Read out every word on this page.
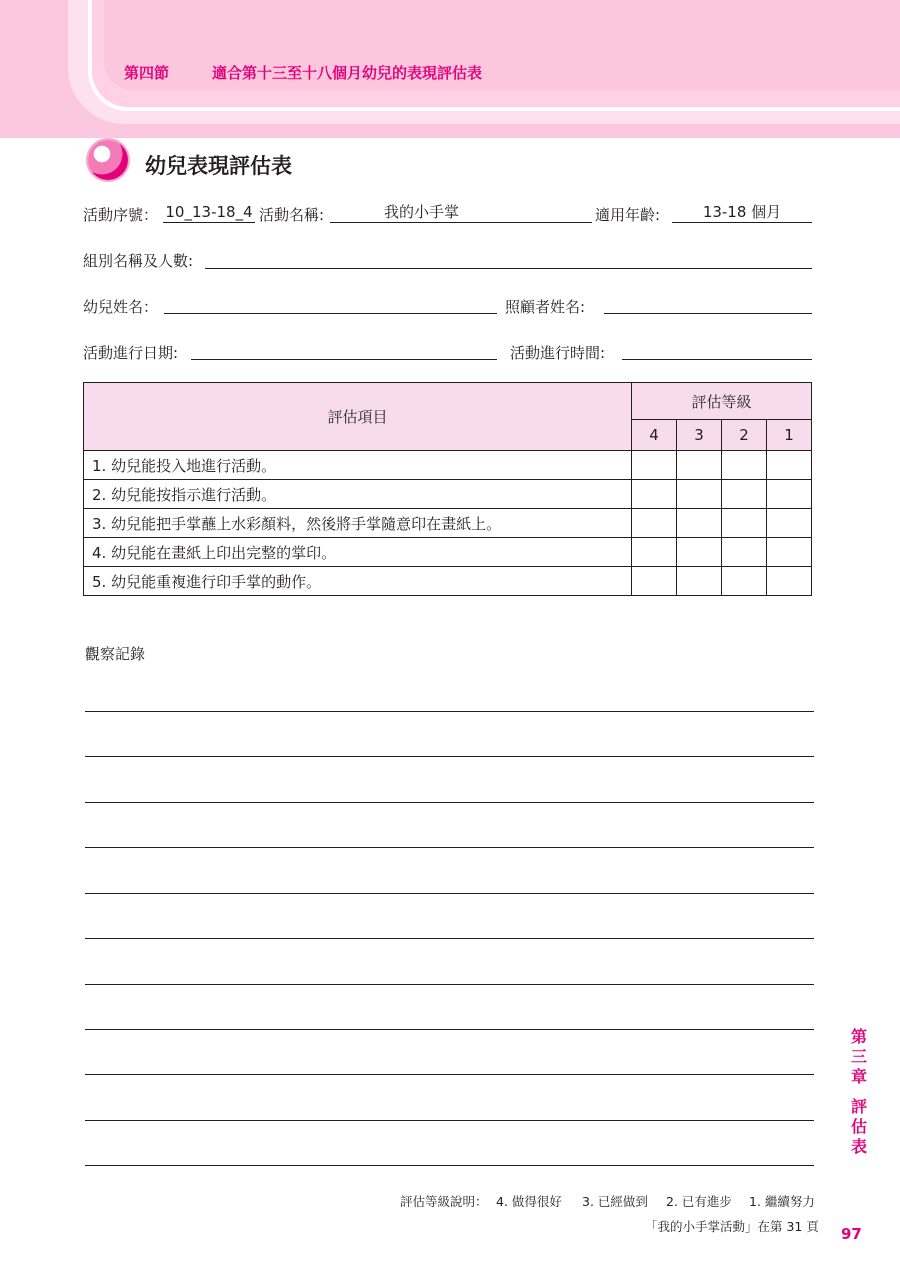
第四節	適合第十三至十八個月幼兒的表現評估表
幼兒表現評估表
活動序號： 10_13-18_4 活動名稱:	我的小手掌	適用年齡:	13-18 個月
組別名稱及人數:
幼兒姓名：	照顧者姓名:
活動進行日期:	活動進行時間:
評估項目	評估等級			
	4	3	2	1
1. 幼兒能投入地進行活動。				
2. 幼兒能按指示進行活動。				
3. 幼兒能把手掌蘸上水彩顏料，然後將手掌隨意印在畫紙上。				
4. 幼兒能在畫紙上印出完整的掌印。				
5. 幼兒能重複進行印手掌的動作。				
觀察記錄
第
三
章
評
估
表
評估等級說明： 4. 做得很好 3. 已經做到 2. 已有進步 1. 繼續努力
「我的小手掌活動」在第 31 頁 97
